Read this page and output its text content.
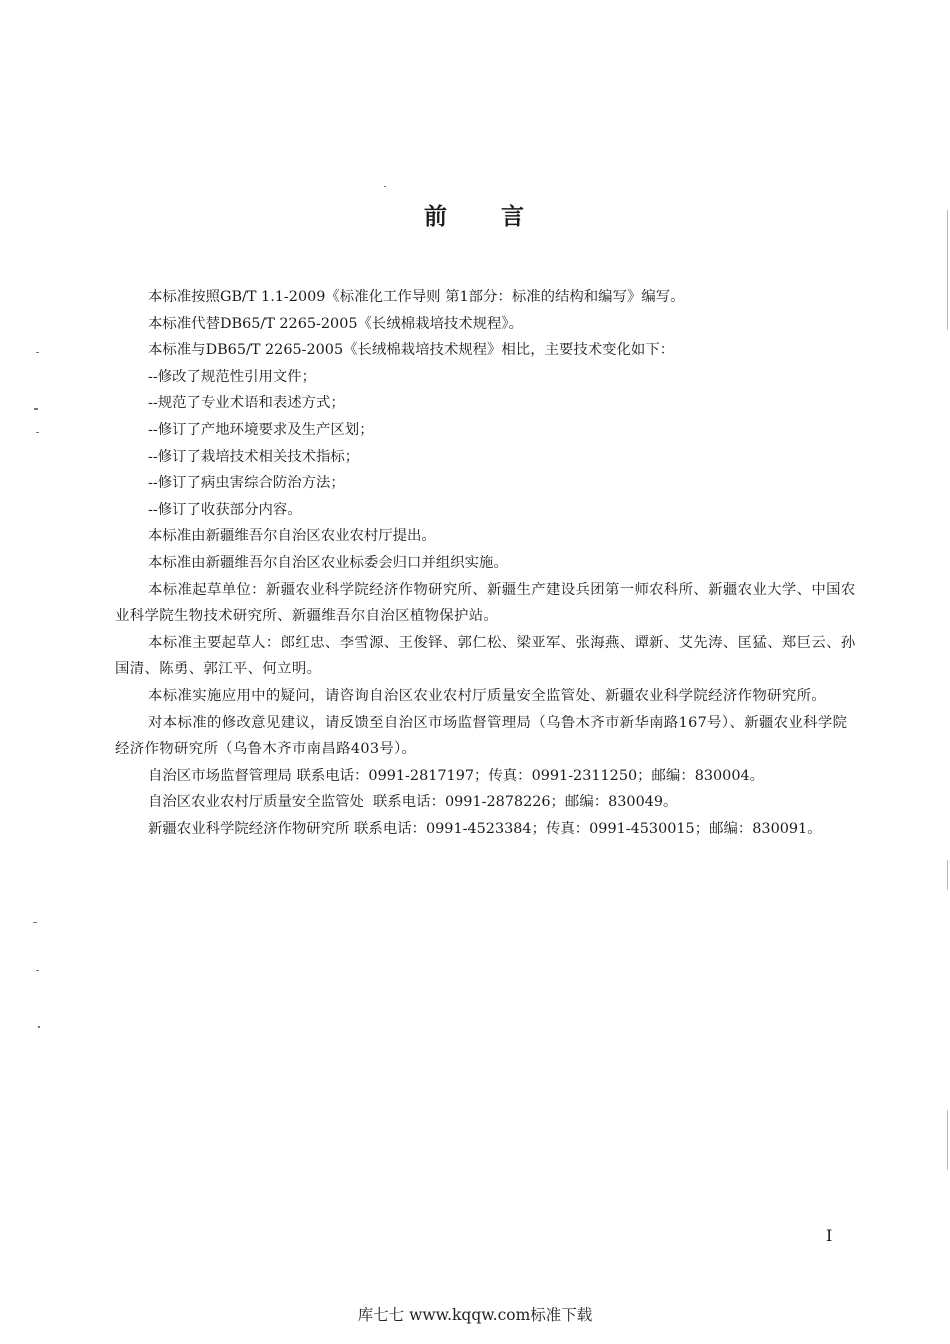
前 言

本标准按照GB/T 1.1-2009《标准化工作导则 第1部分：标准的结构和编写》编写。

本标准代替DB65/T 2265-2005《长绒棉栽培技术规程》。

本标准与DB65/T 2265-2005《长绒棉栽培技术规程》相比，主要技术变化如下：

--修改了规范性引用文件；

--规范了专业术语和表述方式；

--修订了产地环境要求及生产区划；

--修订了栽培技术相关技术指标；

--修订了病虫害综合防治方法；

--修订了收获部分内容。

本标准由新疆维吾尔自治区农业农村厅提出。

本标准由新疆维吾尔自治区农业标委会归口并组织实施。

本标准起草单位：新疆农业科学院经济作物研究所、新疆生产建设兵团第一师农科所、新疆农业大学、中国农业科学院生物技术研究所、新疆维吾尔自治区植物保护站。

本标准主要起草人：郎红忠、李雪源、王俊铎、郭仁松、梁亚军、张海燕、谭新、艾先涛、匡猛、郑巨云、孙国清、陈勇、郭江平、何立明。

本标准实施应用中的疑问，请咨询自治区农业农村厅质量安全监管处、新疆农业科学院经济作物研究所。

对本标准的修改意见建议，请反馈至自治区市场监督管理局（乌鲁木齐市新华南路167号）、新疆农业科学院经济作物研究所（乌鲁木齐市南昌路403号）。

自治区市场监督管理局 联系电话：0991-2817197；传真：0991-2311250；邮编：830004。

自治区农业农村厅质量安全监管处  联系电话：0991-2878226；邮编：830049。

新疆农业科学院经济作物研究所 联系电话：0991-4523384；传真：0991-4530015；邮编：830091。

I
库七七 www.kqqw.com标准下载
